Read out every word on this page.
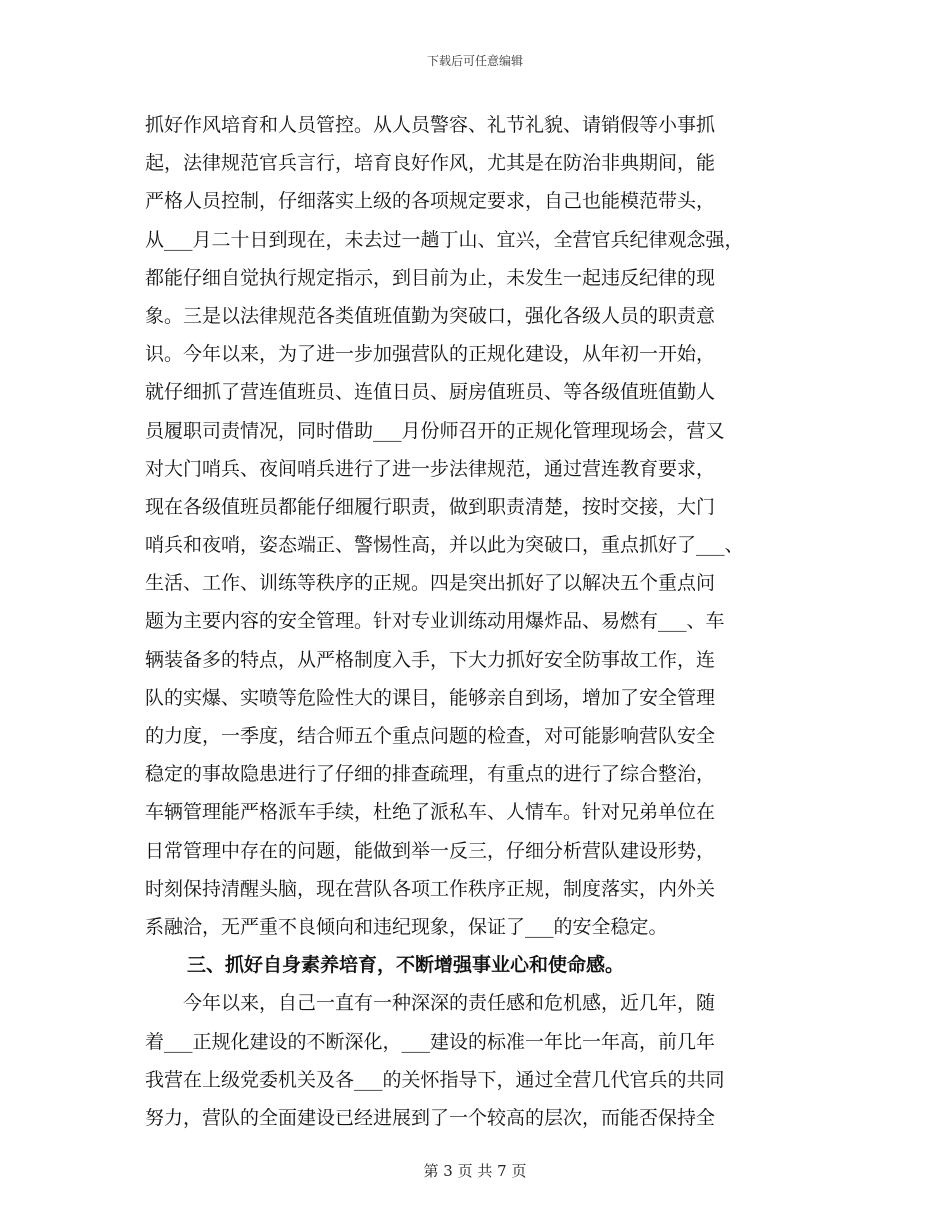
下载后可任意编辑
抓好作风培育和人员管控。从人员警容、礼节礼貌、请销假等小事抓
起，法律规范官兵言行，培育良好作风，尤其是在防治非典期间，能
严格人员控制，仔细落实上级的各项规定要求，自己也能模范带头，
从___月二十日到现在，未去过一趟丁山、宜兴，全营官兵纪律观念强，
都能仔细自觉执行规定指示，到目前为止，未发生一起违反纪律的现
象。三是以法律规范各类值班值勤为突破口，强化各级人员的职责意
识。今年以来，为了进一步加强营队的正规化建设，从年初一开始，
就仔细抓了营连值班员、连值日员、厨房值班员、等各级值班值勤人
员履职司责情况，同时借助___月份师召开的正规化管理现场会，营又
对大门哨兵、夜间哨兵进行了进一步法律规范，通过营连教育要求，
现在各级值班员都能仔细履行职责，做到职责清楚，按时交接，大门
哨兵和夜哨，姿态端正、警惕性高，并以此为突破口，重点抓好了___、
生活、工作、训练等秩序的正规。四是突出抓好了以解决五个重点问
题为主要内容的安全管理。针对专业训练动用爆炸品、易燃有___、车
辆装备多的特点，从严格制度入手，下大力抓好安全防事故工作，连
队的实爆、实喷等危险性大的课目，能够亲自到场，增加了安全管理
的力度，一季度，结合师五个重点问题的检查，对可能影响营队安全
稳定的事故隐患进行了仔细的排查疏理，有重点的进行了综合整治，
车辆管理能严格派车手续，杜绝了派私车、人情车。针对兄弟单位在
日常管理中存在的问题，能做到举一反三，仔细分析营队建设形势，
时刻保持清醒头脑，现在营队各项工作秩序正规，制度落实，内外关
系融洽，无严重不良倾向和违纪现象，保证了___的安全稳定。
三、抓好自身素养培育，不断增强事业心和使命感。
今年以来，自己一直有一种深深的责任感和危机感，近几年，随
着___正规化建设的不断深化，___建设的标准一年比一年高，前几年
我营在上级党委机关及各___的关怀指导下，通过全营几代官兵的共同
努力，营队的全面建设已经进展到了一个较高的层次，而能否保持全
第 3 页 共 7 页
